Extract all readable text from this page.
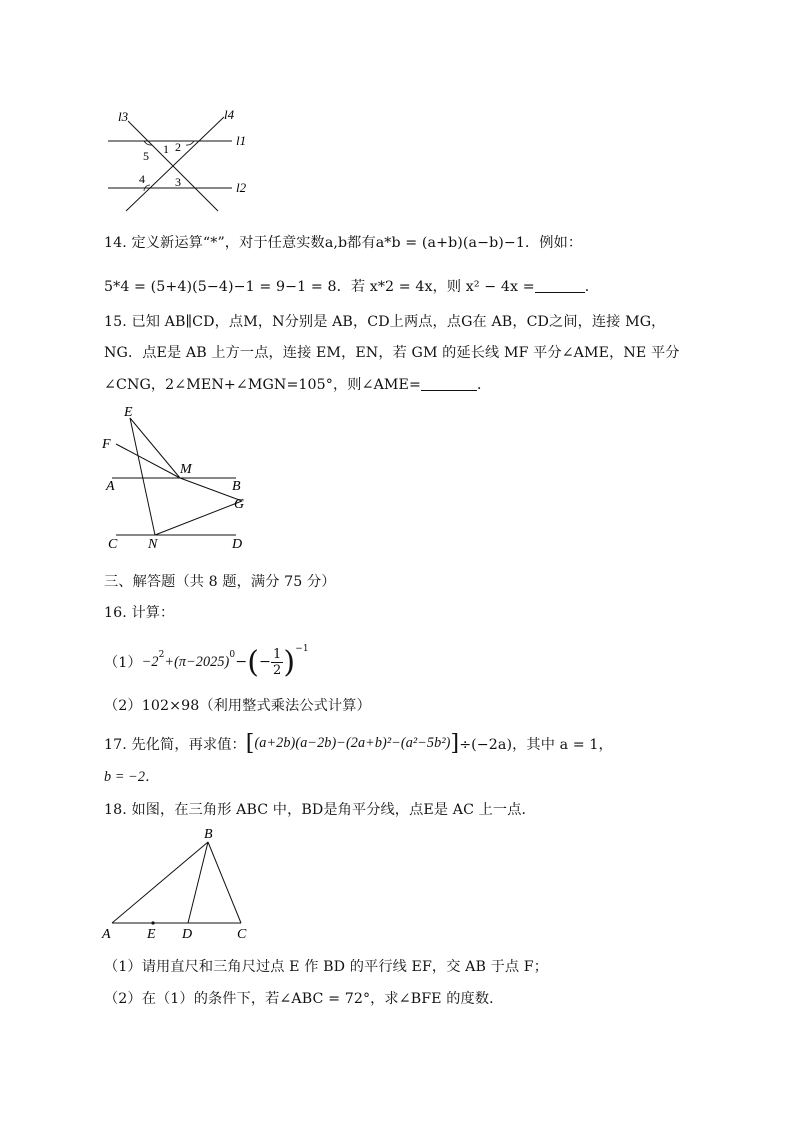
l3	l4
l1
l2
1 2
5
4	3
14. 定义新运算“*”，对于任意实数a,b都有a*b = (a+b)(a−b)−1．例如：
5*4 = (5+4)(5−4)−1 = 9−1 = 8．若 x*2 = 4x，则 x² − 4x =	．
15. 已知 AB∥CD，点M，N分别是 AB，CD上两点，点G在 AB，CD之间，连接 MG，
NG．点E是 AB 上方一点，连接 EM，EN，若 GM 的延长线 MF 平分∠AME，NE 平分
∠CNG，2∠MEN+∠MGN=105°，则∠AME=	．
E
F
M
A	B
G
C N	D
三、解答题（共 8 题，满分 75 分）
16. 计算：
$(1) -2^2 +(\pi-2025)^0$ − ( − $\frac{1}{2} )^{-1}$
（2）102×98（利用整式乘法公式计算）
17. 先化简，再求值： [ (a+2b)(a−2b)−(2a+b)²−(a²−5b²) ] ÷(−2a)，其中 a = 1，
b = −2．
18. 如图，在三角形 ABC 中，BD是角平分线，点E是 AC 上一点．
B
A	E D	C
（1）请用直尺和三角尺过点 E 作 BD 的平行线 EF，交 AB 于点 F；
（2）在（1）的条件下，若∠ABC = 72°，求∠BFE 的度数．
